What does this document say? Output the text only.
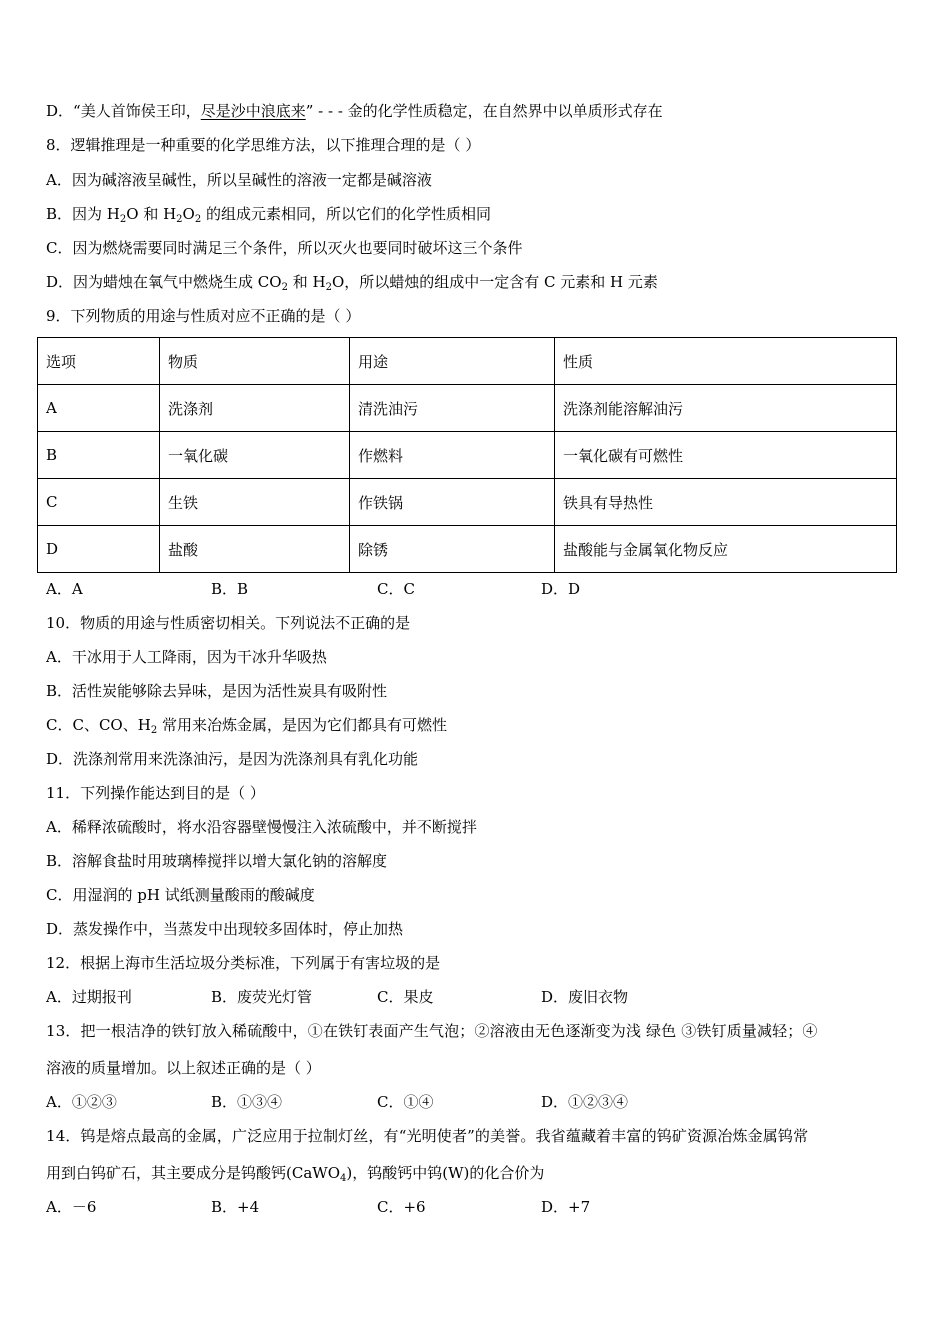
D．“美人首饰侯王印，尽是沙中浪底来” - - - 金的化学性质稳定，在自然界中以单质形式存在
8．逻辑推理是一种重要的化学思维方法，以下推理合理的是（ ）
A．因为碱溶液呈碱性，所以呈碱性的溶液一定都是碱溶液
B．因为 $H_2O$ 和 $H_2O_2$ 的组成元素相同，所以它们的化学性质相同
C．因为燃烧需要同时满足三个条件，所以灭火也要同时破坏这三个条件
D．因为蜡烛在氧气中燃烧生成 $CO_2$ 和 $H_2O$，所以蜡烛的组成中一定含有 C 元素和 H 元素
9．下列物质的用途与性质对应不正确的是（ ）
选项	物质	用途	性质
A	洗涤剂	清洗油污	洗涤剂能溶解油污
B	一氧化碳	作燃料	一氧化碳有可燃性
C	生铁	作铁锅	铁具有导热性
D	盐酸	除锈	盐酸能与金属氧化物反应
A．A	B．B	C．C	D．D
10．物质的用途与性质密切相关。下列说法不正确的是
A．干冰用于人工降雨，因为干冰升华吸热
B．活性炭能够除去异味，是因为活性炭具有吸附性
C．C、CO、$H_2$ 常用来冶炼金属，是因为它们都具有可燃性
D．洗涤剂常用来洗涤油污，是因为洗涤剂具有乳化功能
11．下列操作能达到目的是（ ）
A．稀释浓硫酸时，将水沿容器壁慢慢注入浓硫酸中，并不断搅拌
B．溶解食盐时用玻璃棒搅拌以增大氯化钠的溶解度
C．用湿润的 pH 试纸测量酸雨的酸碱度
D．蒸发操作中，当蒸发中出现较多固体时，停止加热
12．根据上海市生活垃圾分类标准，下列属于有害垃圾的是
A．过期报刊	B．废荧光灯管	C．果皮	D．废旧衣物
13．把一根洁净的铁钉放入稀硫酸中，①在铁钉表面产生气泡；②溶液由无色逐渐变为浅 绿色 ③铁钉质量减轻；④
溶液的质量增加。以上叙述正确的是（ ）
A．①②③	B．①③④	C．①④	D．①②③④
14．钨是熔点最高的金属，广泛应用于拉制灯丝，有“光明使者”的美誉。我省蕴藏着丰富的钨矿资源冶炼金属钨常
用到白钨矿石，其主要成分是钨酸钙(CaWO$_4$)，钨酸钙中钨(W)的化合价为
A．－6	B．+4	C．+6	D．+7
